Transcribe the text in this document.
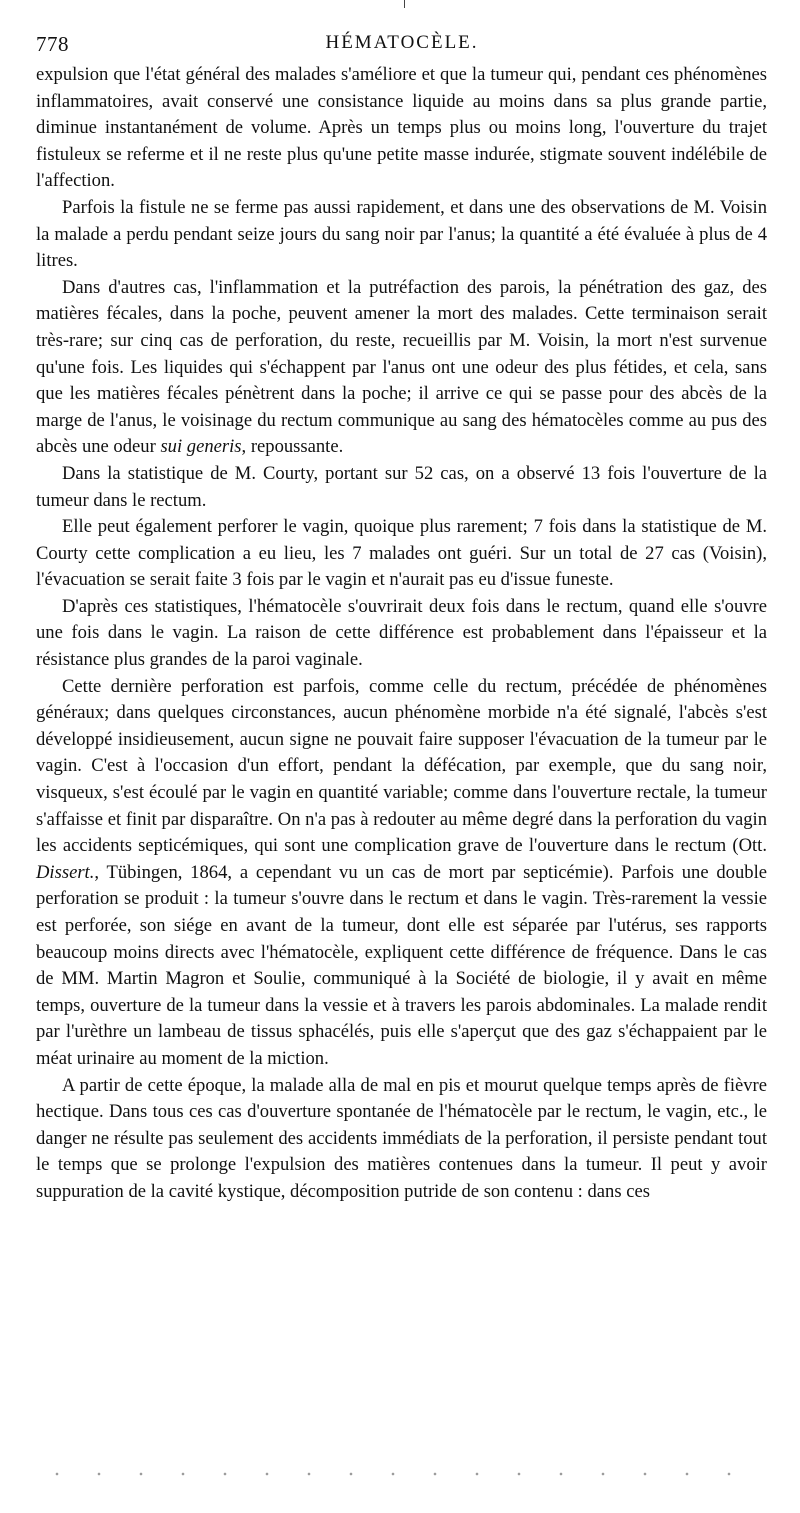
778	HÉMATOCÈLE.

expulsion que l'état général des malades s'améliore et que la tumeur qui, pendant ces phénomènes inflammatoires, avait conservé une consistance liquide au moins dans sa plus grande partie, diminue instantanément de volume. Après un temps plus ou moins long, l'ouverture du trajet fistuleux se referme et il ne reste plus qu'une petite masse indurée, stigmate souvent indélébile de l'affection.

Parfois la fistule ne se ferme pas aussi rapidement, et dans une des observations de M. Voisin la malade a perdu pendant seize jours du sang noir par l'anus; la quantité a été évaluée à plus de 4 litres.

Dans d'autres cas, l'inflammation et la putréfaction des parois, la pénétration des gaz, des matières fécales, dans la poche, peuvent amener la mort des malades. Cette terminaison serait très-rare; sur cinq cas de perforation, du reste, recueillis par M. Voisin, la mort n'est survenue qu'une fois. Les liquides qui s'échappent par l'anus ont une odeur des plus fétides, et cela, sans que les matières fécales pénètrent dans la poche; il arrive ce qui se passe pour des abcès de la marge de l'anus, le voisinage du rectum communique au sang des hématocèles comme au pus des abcès une odeur sui generis, repoussante.

Dans la statistique de M. Courty, portant sur 52 cas, on a observé 13 fois l'ouverture de la tumeur dans le rectum.

Elle peut également perforer le vagin, quoique plus rarement; 7 fois dans la statistique de M. Courty cette complication a eu lieu, les 7 malades ont guéri. Sur un total de 27 cas (Voisin), l'évacuation se serait faite 3 fois par le vagin et n'aurait pas eu d'issue funeste.

D'après ces statistiques, l'hématocèle s'ouvrirait deux fois dans le rectum, quand elle s'ouvre une fois dans le vagin. La raison de cette différence est probablement dans l'épaisseur et la résistance plus grandes de la paroi vaginale.

Cette dernière perforation est parfois, comme celle du rectum, précédée de phénomènes généraux; dans quelques circonstances, aucun phénomène morbide n'a été signalé, l'abcès s'est développé insidieusement, aucun signe ne pouvait faire supposer l'évacuation de la tumeur par le vagin. C'est à l'occasion d'un effort, pendant la défécation, par exemple, que du sang noir, visqueux, s'est écoulé par le vagin en quantité variable; comme dans l'ouverture rectale, la tumeur s'affaisse et finit par disparaître. On n'a pas à redouter au même degré dans la perforation du vagin les accidents septicémiques, qui sont une complication grave de l'ouverture dans le rectum (Ott. Dissert., Tübingen, 1864, a cependant vu un cas de mort par septicémie). Parfois une double perforation se produit : la tumeur s'ouvre dans le rectum et dans le vagin. Très-rarement la vessie est perforée, son siége en avant de la tumeur, dont elle est séparée par l'utérus, ses rapports beaucoup moins directs avec l'hématocèle, expliquent cette différence de fréquence. Dans le cas de MM. Martin Magron et Soulie, communiqué à la Société de biologie, il y avait en même temps, ouverture de la tumeur dans la vessie et à travers les parois abdominales. La malade rendit par l'urèthre un lambeau de tissus sphacélés, puis elle s'aperçut que des gaz s'échappaient par le méat urinaire au moment de la miction.

A partir de cette époque, la malade alla de mal en pis et mourut quelque temps après de fièvre hectique. Dans tous ces cas d'ouverture spontanée de l'hématocèle par le rectum, le vagin, etc., le danger ne résulte pas seulement des accidents immédiats de la perforation, il persiste pendant tout le temps que se prolonge l'expulsion des matières contenues dans la tumeur. Il peut y avoir suppuration de la cavité kystique, décomposition putride de son contenu : dans ces
